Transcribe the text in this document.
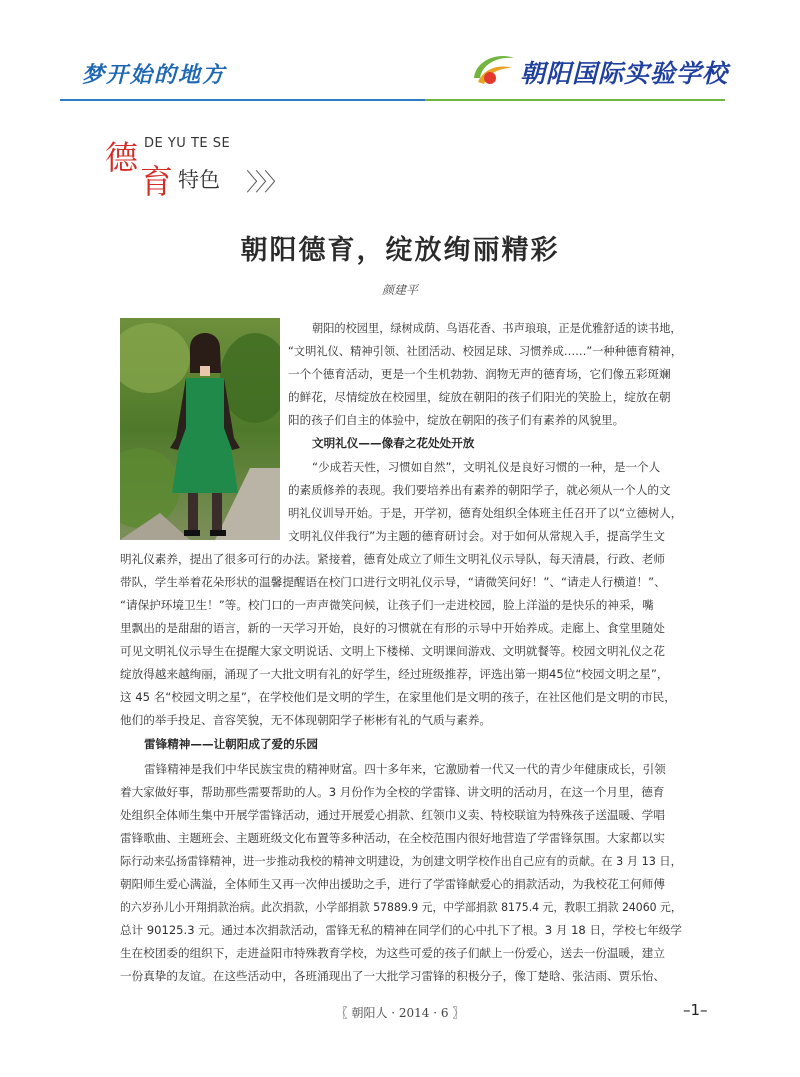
梦开始的地方	朝阳国际实验学校
德
育
DE YU TE SE
特色 〉〉〉
朝阳德育，绽放绚丽精彩
颜建平
朝阳的校园里，绿树成荫、鸟语花香、书声琅琅，正是优雅舒适的读书地，
“文明礼仪、精神引领、社团活动、校园足球、习惯养成……”一种种德育精神，
一个个德育活动，更是一个生机勃勃、润物无声的德育场，它们像五彩斑斓
的鲜花，尽情绽放在校园里，绽放在朝阳的孩子们阳光的笑脸上，绽放在朝
阳的孩子们自主的体验中，绽放在朝阳的孩子们有素养的风貌里。
文明礼仪——像春之花处处开放
“少成若天性，习惯如自然”，文明礼仪是良好习惯的一种，是一个人
的素质修养的表现。我们要培养出有素养的朝阳学子，就必须从一个人的文
明礼仪训导开始。于是，开学初，德育处组织全体班主任召开了以“立德树人，
文明礼仪伴我行”为主题的德育研讨会。对于如何从常规入手，提高学生文
明礼仪素养，提出了很多可行的办法。紧接着，德育处成立了师生文明礼仪示导队，每天清晨，行政、老师
带队，学生举着花朵形状的温馨提醒语在校门口进行文明礼仪示导，“请微笑问好！”、“请走人行横道！”、
“请保护环境卫生！”等。校门口的一声声微笑问候，让孩子们一走进校园，脸上洋溢的是快乐的神采，嘴
里飘出的是甜甜的语言，新的一天学习开始，良好的习惯就在有形的示导中开始养成。走廊上、食堂里随处
可见文明礼仪示导生在提醒大家文明说话、文明上下楼梯、文明课间游戏、文明就餐等。校园文明礼仪之花
绽放得越来越绚丽，涌现了一大批文明有礼的好学生，经过班级推荐，评选出第一期45位“校园文明之星”，
这 45 名“校园文明之星”，在学校他们是文明的学生，在家里他们是文明的孩子，在社区他们是文明的市民，
他们的举手投足、音容笑貌，无不体现朝阳学子彬彬有礼的气质与素养。
雷锋精神——让朝阳成了爱的乐园
雷锋精神是我们中华民族宝贵的精神财富。四十多年来，它激励着一代又一代的青少年健康成长，引领
着大家做好事，帮助那些需要帮助的人。3 月份作为全校的学雷锋、讲文明的活动月，在这一个月里，德育
处组织全体师生集中开展学雷锋活动，通过开展爱心捐款、红领巾义卖、特校联谊为特殊孩子送温暖、学唱
雷锋歌曲、主题班会、主题班级文化布置等多种活动，在全校范围内很好地营造了学雷锋氛围。大家都以实
际行动来弘扬雷锋精神，进一步推动我校的精神文明建设，为创建文明学校作出自己应有的贡献。在 3 月 13 日，
朝阳师生爱心满溢，全体师生又再一次伸出援助之手，进行了学雷锋献爱心的捐款活动，为我校花工何师傅
的六岁孙儿小开翔捐款治病。此次捐款，小学部捐款 57889.9 元，中学部捐款 8175.4 元，教职工捐款 24060 元，
总计 90125.3 元。通过本次捐款活动，雷锋无私的精神在同学们的心中扎下了根。3 月 18 日，学校七年级学
生在校团委的组织下，走进益阳市特殊教育学校，为这些可爱的孩子们献上一份爱心，送去一份温暖，建立
一份真挚的友谊。在这些活动中，各班涌现出了一大批学习雷锋的积极分子，像丁楚晗、张洁雨、贾乐怡、
〖 朝阳人 · 2014 · 6 〗	–1–
